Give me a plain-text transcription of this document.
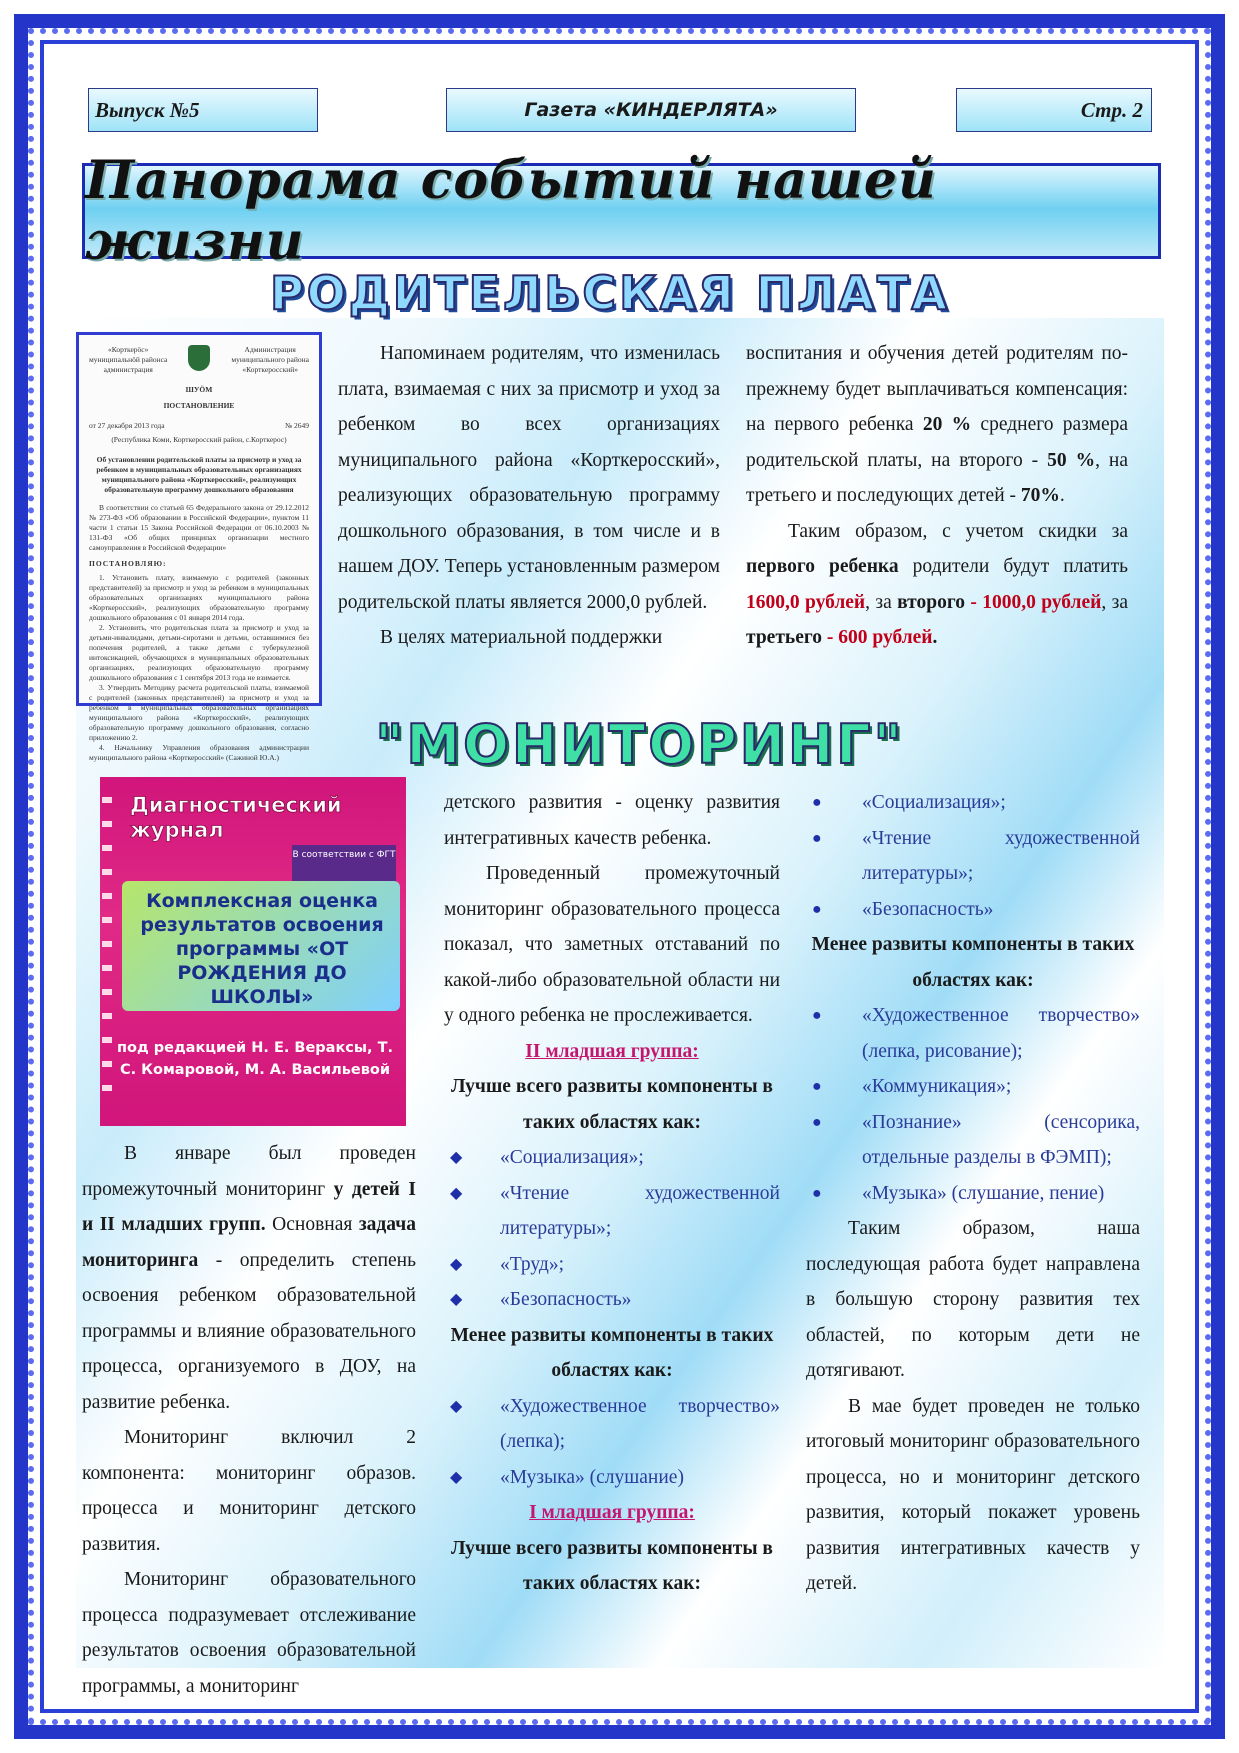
Выпуск №5	Газета «КИНДЕРЛЯТА»	Стр. 2
Панорама событий нашей жизни
РОДИТЕЛЬСКАЯ ПЛАТА
«Корткерöс»
муниципальнöй районса
администрация
Администрация
муниципального района
«Корткеросский»
ШУÖМ
ПОСТАНОВЛЕНИЕ
от 27 декабря 2013 года	№ 2649
(Республика Коми, Корткеросский район, с.Корткерос)
Об установлении родительской платы за присмотр и уход за ребенком в муниципальных образовательных организациях муниципального района «Корткеросский», реализующих образовательную программу дошкольного образования
В соответствии со статьей 65 Федерального закона от 29.12.2012 № 273-ФЗ «Об образовании в Российской Федерации», пунктом 11 части 1 статьи 15 Закона Российской Федерации от 06.10.2003 № 131-ФЗ «Об общих принципах организации местного самоуправления в Российской Федерации»
ПОСТАНОВЛЯЮ:
1. Установить плату, взимаемую с родителей (законных представителей) за присмотр и уход за ребенком в муниципальных образовательных организациях муниципального района «Корткеросский», реализующих образовательную программу дошкольного образования с 01 января 2014 года.
2. Установить, что родительская плата за присмотр и уход за детьми-инвалидами, детьми-сиротами и детьми, оставшимися без попечения родителей, а также детьми с туберкулезной интоксикацией, обучающихся в муниципальных образовательных организациях, реализующих образовательную программу дошкольного образования с 1 сентября 2013 года не взимается.
3. Утвердить Методику расчета родительской платы, взимаемой с родителей (законных представителей) за присмотр и уход за ребенком в муниципальных образовательных организациях муниципального района «Корткеросский», реализующих образовательную программу дошкольного образования, согласно приложению 2.
4. Начальнику Управления образования администрации муниципального района «Корткеросский» (Сажиной Ю.А.)

Напоминаем родителям, что изменилась плата, взимаемая с них за присмотр и уход за ребенком во всех организациях муниципального района «Корткеросский», реализующих образовательную программу дошкольного образования, в том числе и в нашем ДОУ. Теперь установленным размером родительской платы является 2000,0 рублей.

В целях материальной поддержки

воспитания и обучения детей родителям по-прежнему будет выплачиваться компенсация: на первого ребенка 20 % среднего размера родительской платы, на второго - 50 %, на третьего и последующих детей - 70%.

Таким образом, с учетом скидки за первого ребенка родители будут платить 1600,0 рублей, за второго - 1000,0 рублей, за третьего - 600 рублей.

"МОНИТОРИНГ"
Диагностический журнал
В соответствии с ФГТ
Комплексная оценка результатов освоения программы «ОТ РОЖДЕНИЯ ДО ШКОЛЫ»
под редакцией Н. Е. Вераксы, Т. С. Комаровой, М. А. Васильевой

В январе был проведен промежуточный мониторинг у детей I и II младших групп. Основная задача мониторинга - определить степень освоения ребенком образовательной программы и влияние образовательного процесса, организуемого в ДОУ, на развитие ребенка.

Мониторинг включил 2 компонента: мониторинг образов. процесса и мониторинг детского развития.

Мониторинг образовательного процесса подразумевает отслеживание результатов освоения образовательной программы, а мониторинг

детского развития - оценку развития интегративных качеств ребенка.

Проведенный промежуточный мониторинг образовательного процесса показал, что заметных отставаний по какой-либо образовательной области ни у одного ребенка не прослеживается.

II младшая группа:

Лучше всего развиты компоненты в таких областях как:

◆ «Социализация»;
◆ «Чтение художественной литературы»;
◆ «Труд»;
◆ «Безопасность»

Менее развиты компоненты в таких областях как:

◆ «Художественное творчество» (лепка);
◆ «Музыка» (слушание)

I младшая группа:

Лучше всего развиты компоненты в таких областях как:

● «Социализация»;
● «Чтение художественной литературы»;
● «Безопасность»

Менее развиты компоненты в таких областях как:

● «Художественное творчество» (лепка, рисование);
● «Коммуникация»;
● «Познание» (сенсорика, отдельные разделы в ФЭМП);
● «Музыка» (слушание, пение)

Таким образом, наша последующая работа будет направлена в большую сторону развития тех областей, по которым дети не дотягивают.

В мае будет проведен не только итоговый мониторинг образовательного процесса, но и мониторинг детского развития, который покажет уровень развития интегративных качеств у детей.
